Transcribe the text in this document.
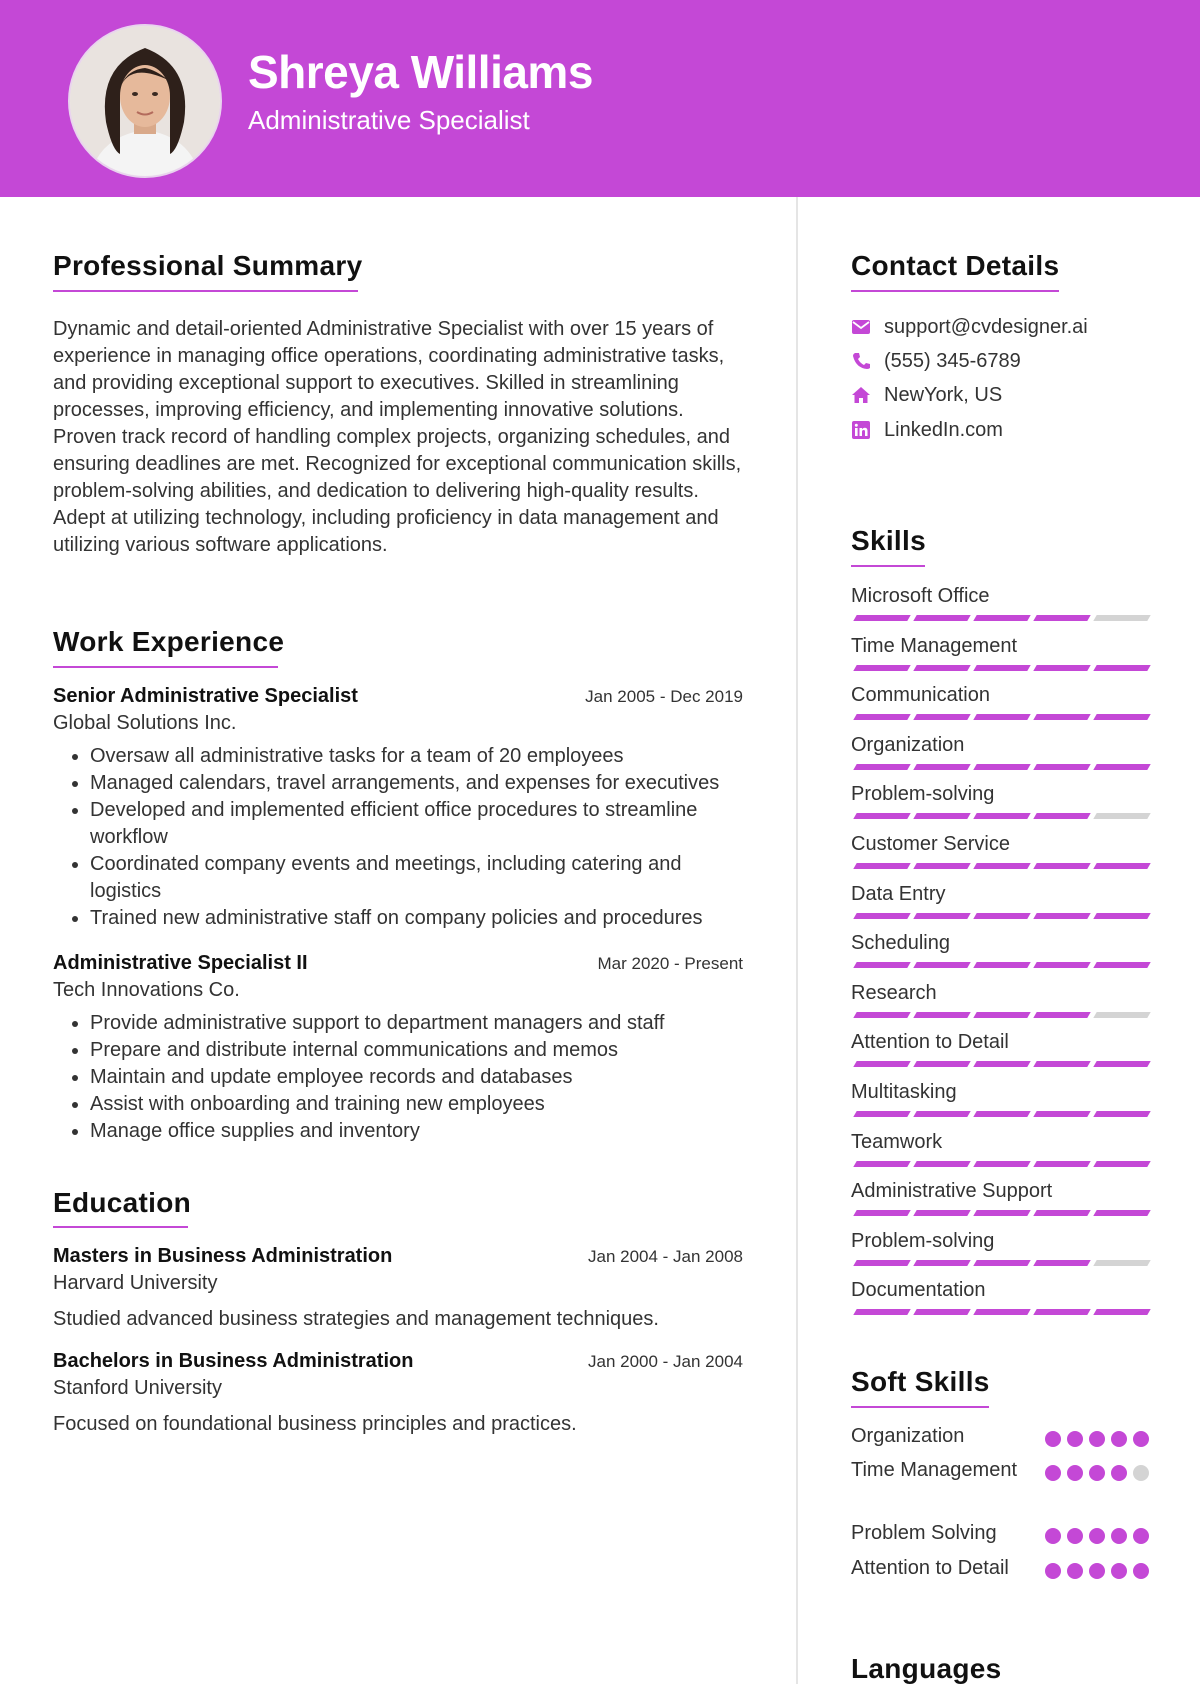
Shreya Williams
Administrative Specialist
Professional Summary
Dynamic and detail-oriented Administrative Specialist with over 15 years of experience in managing office operations, coordinating administrative tasks, and providing exceptional support to executives. Skilled in streamlining processes, improving efficiency, and implementing innovative solutions. Proven track record of handling complex projects, organizing schedules, and ensuring deadlines are met. Recognized for exceptional communication skills, problem-solving abilities, and dedication to delivering high-quality results. Adept at utilizing technology, including proficiency in data management and utilizing various software applications.
Work Experience
Senior Administrative Specialist	Jan 2005 - Dec 2019
Global Solutions Inc.
• Oversaw all administrative tasks for a team of 20 employees
• Managed calendars, travel arrangements, and expenses for executives
• Developed and implemented efficient office procedures to streamline workflow
• Coordinated company events and meetings, including catering and logistics
• Trained new administrative staff on company policies and procedures
Administrative Specialist II	Mar 2020 - Present
Tech Innovations Co.
• Provide administrative support to department managers and staff
• Prepare and distribute internal communications and memos
• Maintain and update employee records and databases
• Assist with onboarding and training new employees
• Manage office supplies and inventory
Education
Masters in Business Administration	Jan 2004 - Jan 2008
Harvard University
Studied advanced business strategies and management techniques.
Bachelors in Business Administration	Jan 2000 - Jan 2004
Stanford University
Focused on foundational business principles and practices.
Contact Details
support@cvdesigner.ai
(555) 345-6789
NewYork, US
LinkedIn.com
Skills
Microsoft Office
Time Management
Communication
Organization
Problem-solving
Customer Service
Data Entry
Scheduling
Research
Attention to Detail
Multitasking
Teamwork
Administrative Support
Problem-solving
Documentation
Soft Skills
Organization
Time Management
Problem Solving
Attention to Detail
Languages
